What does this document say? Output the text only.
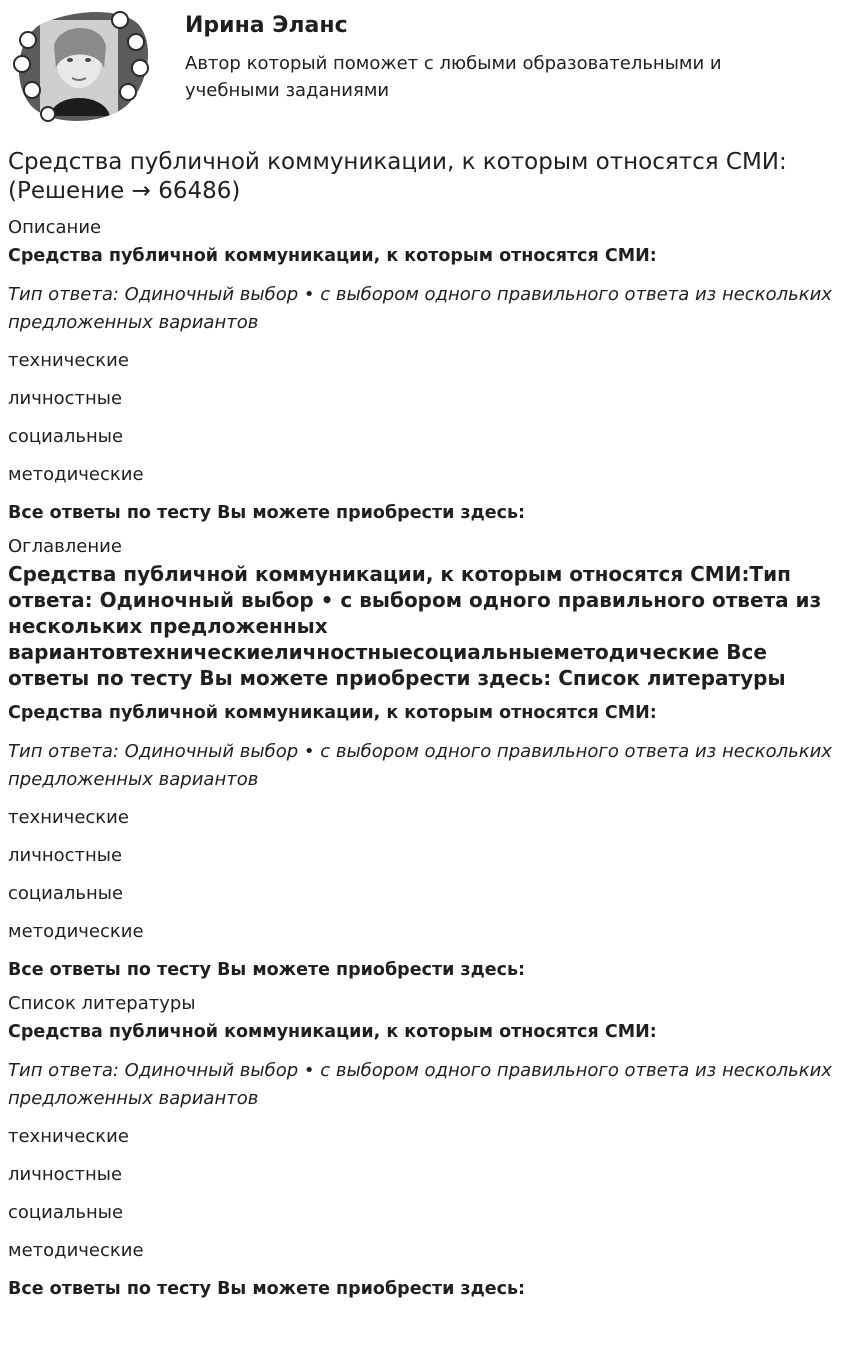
Ирина Эланс
Автор который поможет с любыми образовательными и учебными заданиями
Средства публичной коммуникации, к которым относятся СМИ: (Решение → 66486)
Описание
Средства публичной коммуникации, к которым относятся СМИ:
Тип ответа: Одиночный выбор • с выбором одного правильного ответа из нескольких предложенных вариантов
технические
личностные
социальные
методические
Все ответы по тесту Вы можете приобрести здесь:
Оглавление
Средства публичной коммуникации, к которым относятся СМИ:Тип ответа: Одиночный выбор • с выбором одного правильного ответа из нескольких предложенных вариантовтехническиеличностныесоциальныеметодические Все ответы по тесту Вы можете приобрести здесь: Список литературы
Средства публичной коммуникации, к которым относятся СМИ:
Тип ответа: Одиночный выбор • с выбором одного правильного ответа из нескольких предложенных вариантов
технические
личностные
социальные
методические
Все ответы по тесту Вы можете приобрести здесь:
Список литературы
Средства публичной коммуникации, к которым относятся СМИ:
Тип ответа: Одиночный выбор • с выбором одного правильного ответа из нескольких предложенных вариантов
технические
личностные
социальные
методические
Все ответы по тесту Вы можете приобрести здесь:
